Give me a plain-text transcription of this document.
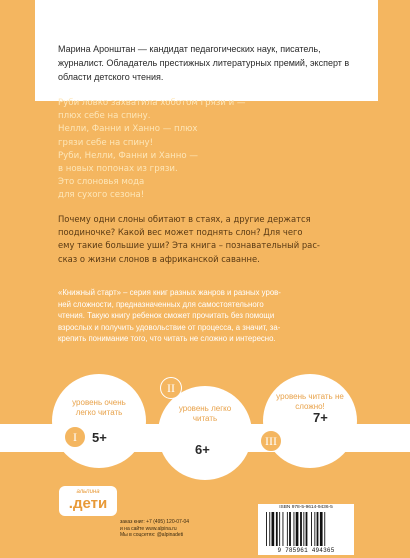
Марина Аронштан — кандидат педагогических наук, писатель, журналист. Обладатель престижных литературных премий, эксперт в области детского чтения.

Руби ловко захватила хоботом грязи и —
плюх себе на спину.
Нелли, Фанни и Ханно — плюх
грязи себе на спину!
Руби, Нелли, Фанни и Ханно —
в новых попонах из грязи.
Это слоновья мода
для сухого сезона!
Почему одни слоны обитают в стаях, а другие держатся
поодиночке? Какой вес может поднять слон? Для чего
ему такие большие уши? Эта книга – познавательный рас-
сказ о жизни слонов в африканской саванне.
«Книжный старт» – серия книг разных жанров и разных уров-
ней сложности, предназначенных для самостоятельного
чтения. Такую книгу ребенок сможет прочитать без помощи
взрослых и получить удовольствие от процесса, а значит, за-
крепить понимание того, что читать не сложно и интересно.
уровень очень легко читать
5+
I
уровень легко читать
6+
II
уровень читать не сложно!
7+
III
альпина
.дети
заказ книг: +7 (495) 120-07-04
и на сайте www.alpina.ru
Мы в соцсетях: @alpinadeti
ISBN 978-5-9614-9436-5
9 785961 494365
